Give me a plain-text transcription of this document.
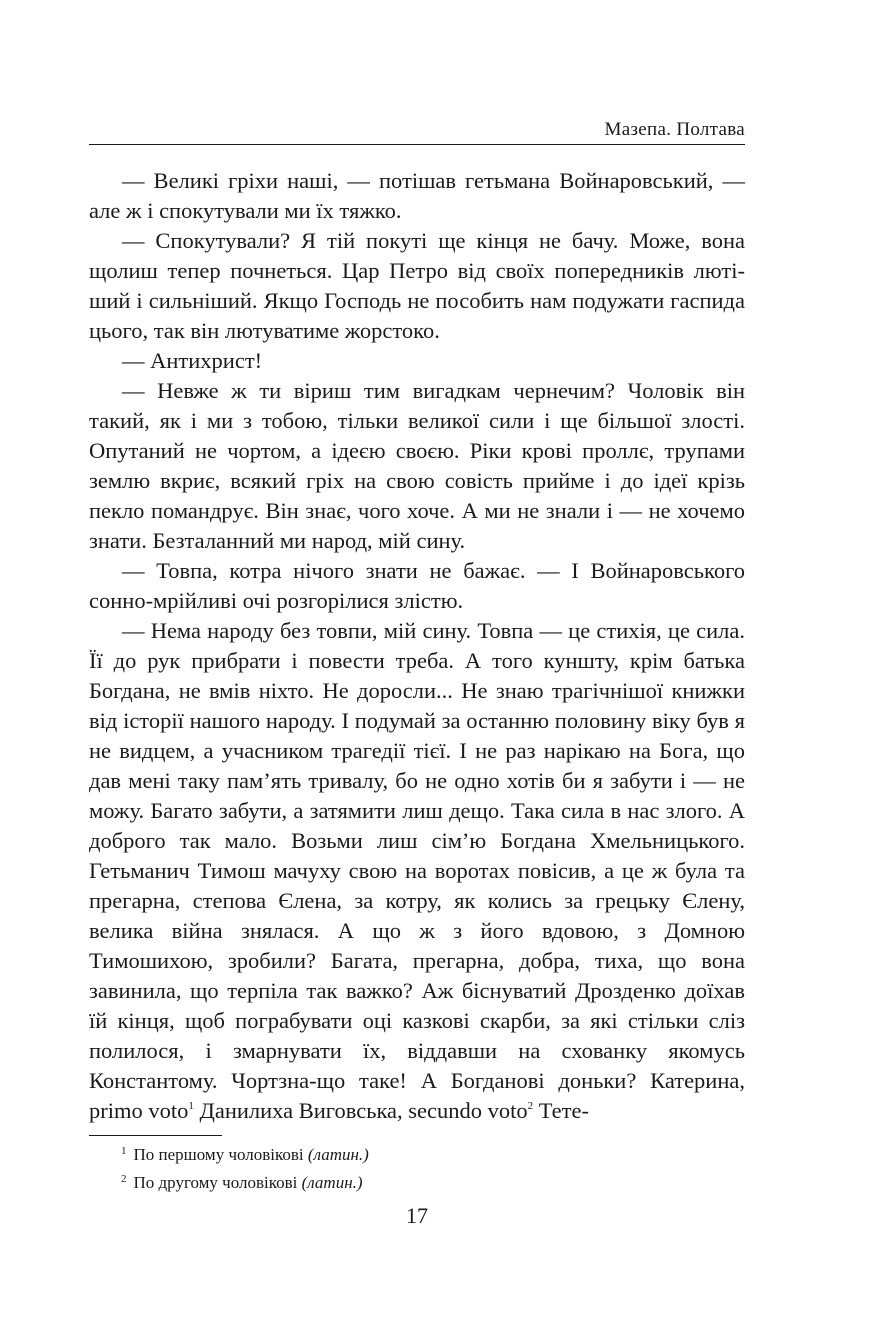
Мазепа. Полтава

— Великі гріхи наші, — потішав гетьмана Войнаровський, — але ж і спокутували ми їх тяжко.

— Спокутували? Я тій покуті ще кінця не бачу. Може, вона щолиш тепер почнеться. Цар Петро від своїх попередників лютіший і сильніший. Якщо Господь не пособить нам подужати гаспида цього, так він лютуватиме жорстоко.

— Антихрист!

— Невже ж ти віриш тим вигадкам чернечим? Чоловік він такий, як і ми з тобою, тільки великої сили і ще більшої злості. Опутаний не чортом, а ідеєю своєю. Ріки крові проллє, трупами землю вкриє, всякий гріх на свою совість прийме і до ідеї крізь пекло помандрує. Він знає, чого хоче. А ми не знали і — не хочемо знати. Безталанний ми народ, мій сину.

— Товпа, котра нічого знати не бажає. — І Войнаровського сонно-мрійливі очі розгорілися злістю.

— Нема народу без товпи, мій сину. Товпа — це стихія, це сила. Її до рук прибрати і повести треба. А того куншту, крім батька Богдана, не вмів ніхто. Не доросли... Не знаю трагічнішої книжки від історії нашого народу. І подумай за останню половину віку був я не видцем, а учасником трагедії тієї. І не раз нарікаю на Бога, що дав мені таку пам’ять тривалу, бо не одно хотів би я забути і — не можу. Багато забути, а затямити лиш дещо. Така сила в нас злого. А доброго так мало. Возьми лиш сім’ю Богдана Хмельницького. Гетьманич Тимош мачуху свою на воротах повісив, а це ж була та прегарна, степова Єлена, за котру, як колись за грецьку Єлену, велика війна знялася. А що ж з його вдовою, з Домною Тимошихою, зробили? Багата, прегарна, добра, тиха, що вона завинила, що терпіла так важко? Аж біснуватий Дрозденко доїхав їй кінця, щоб пограбувати оці казкові скарби, за які стільки сліз полилося, і змарнувати їх, віддавши на схованку якомусь Константому. Чортзна-що таке! А Богданові доньки? Катерина, primo voto$^1$ Данилиха Виговська, secundo voto$^2$ Тете-

$^1$ По першому чоловікові (латин.)
$^2$ По другому чоловікові (латин.)
17
